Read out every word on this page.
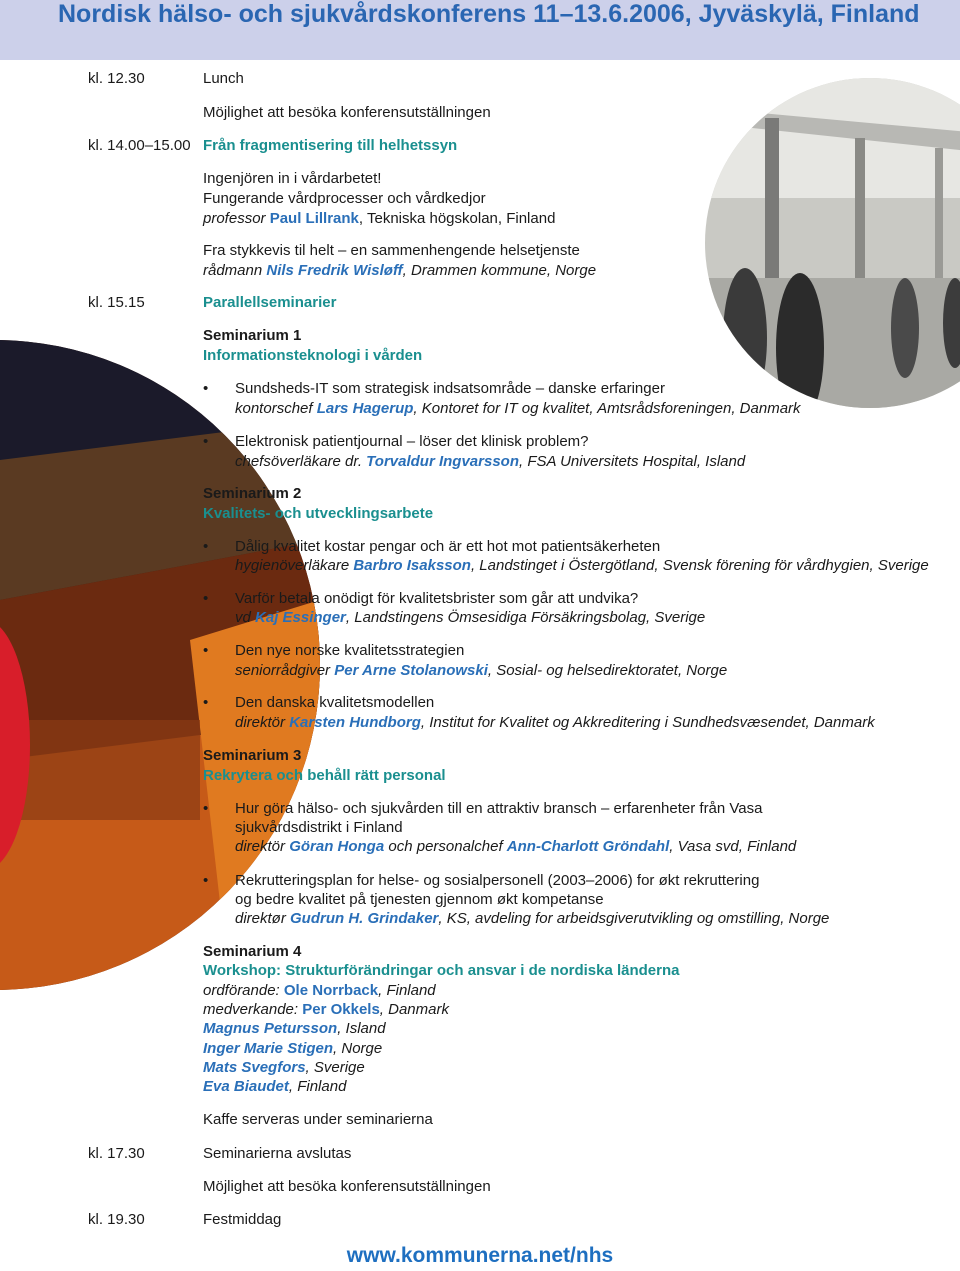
Nordisk hälso- och sjukvårdskonferens 11–13.6.2006, Jyväskylä, Finland
kl. 12.30	Lunch
Möjlighet att besöka konferensutställningen
kl. 14.00–15.00 Från fragmentisering till helhetssyn
Ingenjören in i vårdarbetet!
Fungerande vårdprocesser och vårdkedjor
professor Paul Lillrank, Tekniska högskolan, Finland
Fra stykkevis til helt – en sammenhengende helsetjenste
rådmann Nils Fredrik Wisløff, Drammen kommune, Norge
kl. 15.15	Parallellseminarier
Seminarium 1
Informationsteknologi i vården
• Sundsheds-IT som strategisk indsatsområde – danske erfaringer
kontorschef Lars Hagerup, Kontoret for IT og kvalitet, Amtsrådsforeningen, Danmark
• Elektronisk patientjournal – löser det klinisk problem?
chefsöverläkare dr. Torvaldur Ingvarsson, FSA Universitets Hospital, Island
Seminarium 2
Kvalitets- och utvecklingsarbete
• Dålig kvalitet kostar pengar och är ett hot mot patientsäkerheten
hygienöverläkare Barbro Isaksson, Landstinget i Östergötland, Svensk förening för vårdhygien, Sverige
• Varför betala onödigt för kvalitetsbrister som går att undvika?
vd Kaj Essinger, Landstingens Ömsesidiga Försäkringsbolag, Sverige
• Den nye norske kvalitetsstrategien
seniorrådgiver Per Arne Stolanowski, Sosial- og helsedirektoratet, Norge
• Den danska kvalitetsmodellen
direktör Karsten Hundborg, Institut for Kvalitet og Akkreditering i Sundhedsvæsendet, Danmark
Seminarium 3
Rekrytera och behåll rätt personal
• Hur göra hälso- och sjukvården till en attraktiv bransch – erfarenheter från Vasa
sjukvårdsdistrikt i Finland
direktör Göran Honga och personalchef Ann-Charlott Gröndahl, Vasa svd, Finland
• Rekrutteringsplan for helse- og sosialpersonell (2003–2006) for økt rekruttering
og bedre kvalitet på tjenesten gjennom økt kompetanse
direktør Gudrun H. Grindaker, KS, avdeling for arbeidsgiverutvikling og omstilling, Norge
Seminarium 4
Workshop: Strukturförändringar och ansvar i de nordiska länderna
ordförande: Ole Norrback, Finland
medverkande: Per Okkels, Danmark
Magnus Petursson, Island
Inger Marie Stigen, Norge
Mats Svegfors, Sverige
Eva Biaudet, Finland
Kaffe serveras under seminarierna
kl. 17.30	Seminarierna avslutas
Möjlighet att besöka konferensutställningen
kl. 19.30	Festmiddag
www.kommunerna.net/nhs
